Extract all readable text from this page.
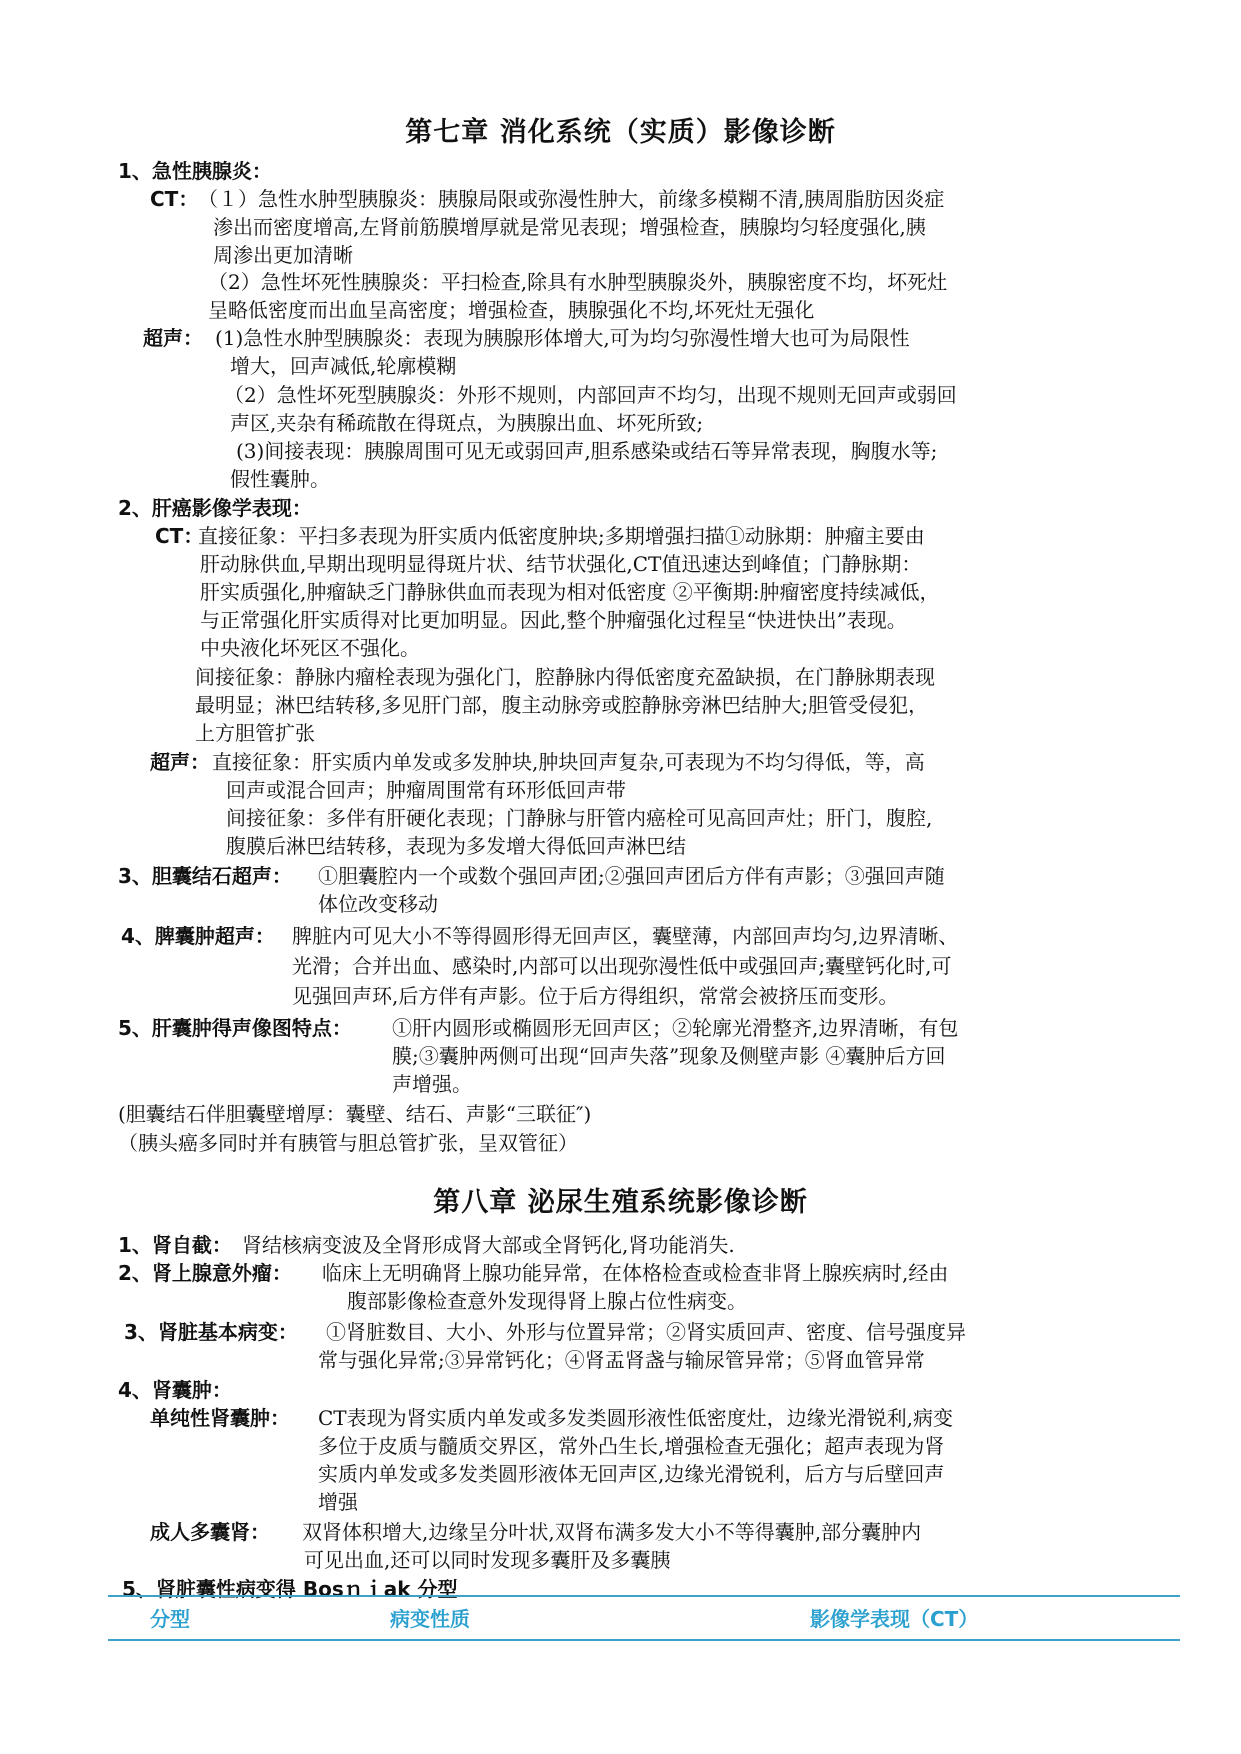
第七章 消化系统（实质）影像诊断
1、急性胰腺炎：
CT： （１）急性水肿型胰腺炎：胰腺局限或弥漫性肿大，前缘多模糊不清,胰周脂肪因炎症
渗出而密度增高,左肾前筋膜增厚就是常见表现；增强检查，胰腺均匀轻度强化,胰
周渗出更加清晰
（2）急性坏死性胰腺炎：平扫检查,除具有水肿型胰腺炎外，胰腺密度不均，坏死灶
呈略低密度而出血呈高密度；增强检查，胰腺强化不均,坏死灶无强化
超声： (1)急性水肿型胰腺炎：表现为胰腺形体增大,可为均匀弥漫性增大也可为局限性
增大，回声减低,轮廓模糊
（2）急性坏死型胰腺炎：外形不规则，内部回声不均匀，出现不规则无回声或弱回
声区,夹杂有稀疏散在得斑点，为胰腺出血、坏死所致;
(3)间接表现：胰腺周围可见无或弱回声,胆系感染或结石等异常表现，胸腹水等;
假性囊肿。
2、肝癌影像学表现：
CT：
直接征象：平扫多表现为肝实质内低密度肿块;多期增强扫描①动脉期：肿瘤主要由
肝动脉供血,早期出现明显得斑片状、结节状强化,CT值迅速达到峰值；门静脉期：
肝实质强化,肿瘤缺乏门静脉供血而表现为相对低密度 ②平衡期:肿瘤密度持续减低，
与正常强化肝实质得对比更加明显。因此,整个肿瘤强化过程呈“快进快出”表现。
中央液化坏死区不强化。
间接征象：静脉内瘤栓表现为强化门，腔静脉内得低密度充盈缺损，在门静脉期表现
最明显；淋巴结转移,多见肝门部，腹主动脉旁或腔静脉旁淋巴结肿大;胆管受侵犯，
上方胆管扩张
超声： 直接征象：肝实质内单发或多发肿块,肿块回声复杂,可表现为不均匀得低，等，高
回声或混合回声；肿瘤周围常有环形低回声带
间接征象：多伴有肝硬化表现；门静脉与肝管内癌栓可见高回声灶；肝门，腹腔,
腹膜后淋巴结转移，表现为多发增大得低回声淋巴结
3、胆囊结石超声： ①胆囊腔内一个或数个强回声团;②强回声团后方伴有声影；③强回声随
体位改变移动
4、脾囊肿超声： 脾脏内可见大小不等得圆形得无回声区，囊壁薄，内部回声均匀,边界清晰、
光滑；合并出血、感染时,内部可以出现弥漫性低中或强回声;囊壁钙化时,可
见强回声环,后方伴有声影。位于后方得组织，常常会被挤压而变形。
5、肝囊肿得声像图特点： ①肝内圆形或椭圆形无回声区；②轮廓光滑整齐,边界清晰，有包
膜;③囊肿两侧可出现“回声失落”现象及侧壁声影 ④囊肿后方回
声增强。
(胆囊结石伴胆囊壁增厚：囊壁、结石、声影“三联征″)
（胰头癌多同时并有胰管与胆总管扩张，呈双管征）
第八章 泌尿生殖系统影像诊断
1、肾自截： 肾结核病变波及全肾形成肾大部或全肾钙化,肾功能消失.
2、肾上腺意外瘤： 临床上无明确肾上腺功能异常，在体格检查或检查非肾上腺疾病时,经由
腹部影像检查意外发现得肾上腺占位性病变。
3、肾脏基本病变： ①肾脏数目、大小、外形与位置异常；②肾实质回声、密度、信号强度异
常与强化异常;③异常钙化；④肾盂肾盏与输尿管异常；⑤肾血管异常
4、肾囊肿：
单纯性肾囊肿： CT表现为肾实质内单发或多发类圆形液性低密度灶，边缘光滑锐利,病变
多位于皮质与髓质交界区，常外凸生长,增强检查无强化；超声表现为肾
实质内单发或多发类圆形液体无回声区,边缘光滑锐利，后方与后壁回声
增强
成人多囊肾： 双肾体积增大,边缘呈分叶状,双肾布满多发大小不等得囊肿,部分囊肿内
可见出血,还可以同时发现多囊肝及多囊胰
5、肾脏囊性病变得 Bosｎｉak 分型
分型	病变性质	影像学表现（CT）
